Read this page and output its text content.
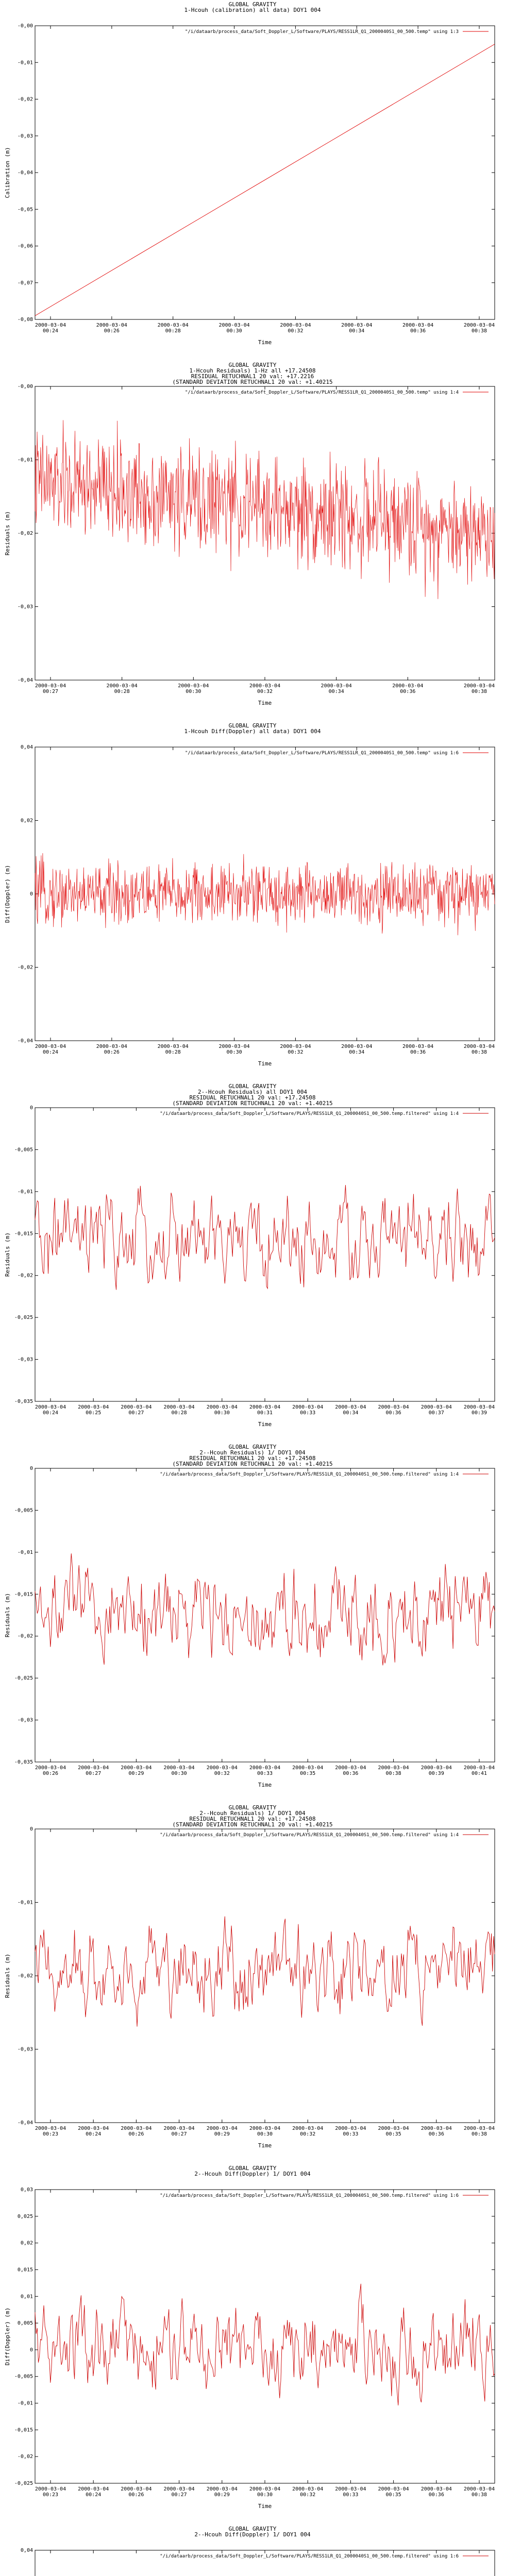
GLOBAL GRAVITY
1-Hcouh (calibration) all data) DOY1 004
"/i/dataarb/process_data/Soft_Doppler_L/Software/PLAYS/RESS1LR_Q1_2000040S1_00_500.temp" using 1:3
-0,08
-0,07
-0,06
-0,05
-0,04
-0,03
-0,02
-0,01
-0,00
2000-03-04
00:24
2000-03-04
00:26
2000-03-04
00:28
2000-03-04
00:30
2000-03-04
00:32
2000-03-04
00:34
2000-03-04
00:36
2000-03-04
00:38
Time
Calibration (m)
GLOBAL GRAVITY
1-Hcouh Residuals) 1-Hz all +17.24508
RESIDUAL RETUCHNAL1 20 val: +17.2216
(STANDARD DEVIATION RETUCHNAL1 20 val: +1.40215
"/i/dataarb/process_data/Soft_Doppler_L/Software/PLAYS/RESS1LR_Q1_2000040S1_00_500.temp" using 1:4
-0,00
-0,01
-0,02
-0,03
-0,04
2000-03-04
00:27
2000-03-04
00:28
2000-03-04
00:30
2000-03-04
00:32
2000-03-04
00:34
2000-03-04
00:36
2000-03-04
00:38
Time
Residuals (m)
GLOBAL GRAVITY
1-Hcouh Diff(Doppler) all data) DOY1 004
"/i/dataarb/process_data/Soft_Doppler_L/Software/PLAYS/RESS1LR_Q1_2000040S1_00_500.temp" using 1:6
0,04
0,02
0
-0,02
-0,04
2000-03-04
00:24
2000-03-04
00:26
2000-03-04
00:28
2000-03-04
00:30
2000-03-04
00:32
2000-03-04
00:34
2000-03-04
00:36
2000-03-04
00:38
Time
Diff(Doppler) (m)
GLOBAL GRAVITY
2--Hcouh Residuals) all DOY1 004
RESIDUAL RETUCHNAL1 20 val: +17.24508
(STANDARD DEVIATION RETUCHNAL1 20 val: +1.40215
"/i/dataarb/process_data/Soft_Doppler_L/Software/PLAYS/RESS1LR_Q1_2000040S1_00_500.temp.filtered" using 1:4
0
-0,005
-0,01
-0,015
-0,02
-0,025
-0,03
-0,035
2000-03-04
00:24
2000-03-04
00:25
2000-03-04
00:27
2000-03-04
00:28
2000-03-04
00:30
2000-03-04
00:31
2000-03-04
00:33
2000-03-04
00:34
2000-03-04
00:36
2000-03-04
00:37
2000-03-04
00:39
Time
Residuals (m)
GLOBAL GRAVITY
2--Hcouh Residuals) 1/ DOY1 004
RESIDUAL RETUCHNAL1 20 val: +17.24508
(STANDARD DEVIATION RETUCHNAL1 20 val: +1.40215
"/i/dataarb/process_data/Soft_Doppler_L/Software/PLAYS/RESS1LR_Q1_2000040S1_00_500.temp.filtered" using 1:4
0
-0,005
-0,01
-0,015
-0,02
-0,025
-0,03
-0,035
2000-03-04
00:26
2000-03-04
00:27
2000-03-04
00:29
2000-03-04
00:30
2000-03-04
00:32
2000-03-04
00:33
2000-03-04
00:35
2000-03-04
00:36
2000-03-04
00:38
2000-03-04
00:39
2000-03-04
00:41
Time
Residuals (m)
GLOBAL GRAVITY
2--Hcouh Residuals) 1/ DOY1 004
RESIDUAL RETUCHNAL1 20 val: +17.24508
(STANDARD DEVIATION RETUCHNAL1 20 val: +1.40215
"/i/dataarb/process_data/Soft_Doppler_L/Software/PLAYS/RESS1LR_Q1_2000040S1_00_500.temp.filtered" using 1:4
0
-0,01
-0,02
-0,03
-0,04
2000-03-04
00:23
2000-03-04
00:24
2000-03-04
00:26
2000-03-04
00:27
2000-03-04
00:29
2000-03-04
00:30
2000-03-04
00:32
2000-03-04
00:33
2000-03-04
00:35
2000-03-04
00:36
2000-03-04
00:38
Time
Residuals (m)
GLOBAL GRAVITY
2--Hcouh Diff(Doppler) 1/ DOY1 004
"/i/dataarb/process_data/Soft_Doppler_L/Software/PLAYS/RESS1LR_Q1_2000040S1_00_500.temp.filtered" using 1:6
0,03
0,025
0,02
0,015
0,01
0,005
0
-0,005
-0,01
-0,015
-0,02
-0,025
2000-03-04
00:23
2000-03-04
00:24
2000-03-04
00:26
2000-03-04
00:27
2000-03-04
00:29
2000-03-04
00:30
2000-03-04
00:32
2000-03-04
00:33
2000-03-04
00:35
2000-03-04
00:36
2000-03-04
00:38
Time
Diff(Doppler) (m)
GLOBAL GRAVITY
2--Hcouh Diff(Doppler) 1/ DOY1 004
"/i/dataarb/process_data/Soft_Doppler_L/Software/PLAYS/RESS1LR_Q1_2000040S1_00_500.temp.filtered" using 1:6
0,04
